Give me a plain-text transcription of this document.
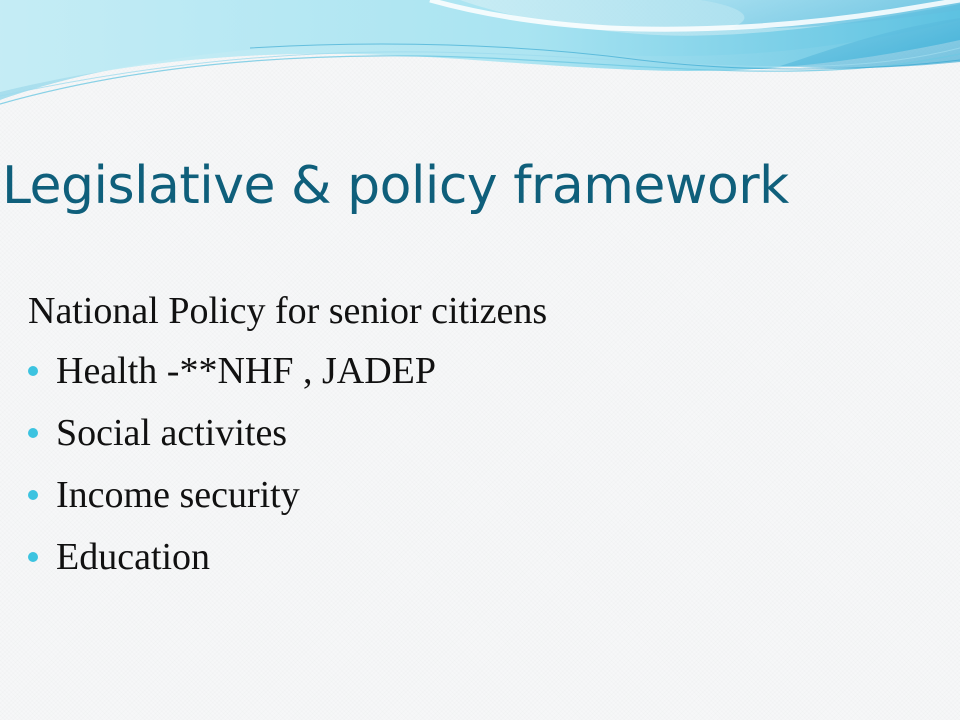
Legislative & policy framework

National Policy for senior citizens

Health -**NHF , JADEP
Social activites
Income security
Education
